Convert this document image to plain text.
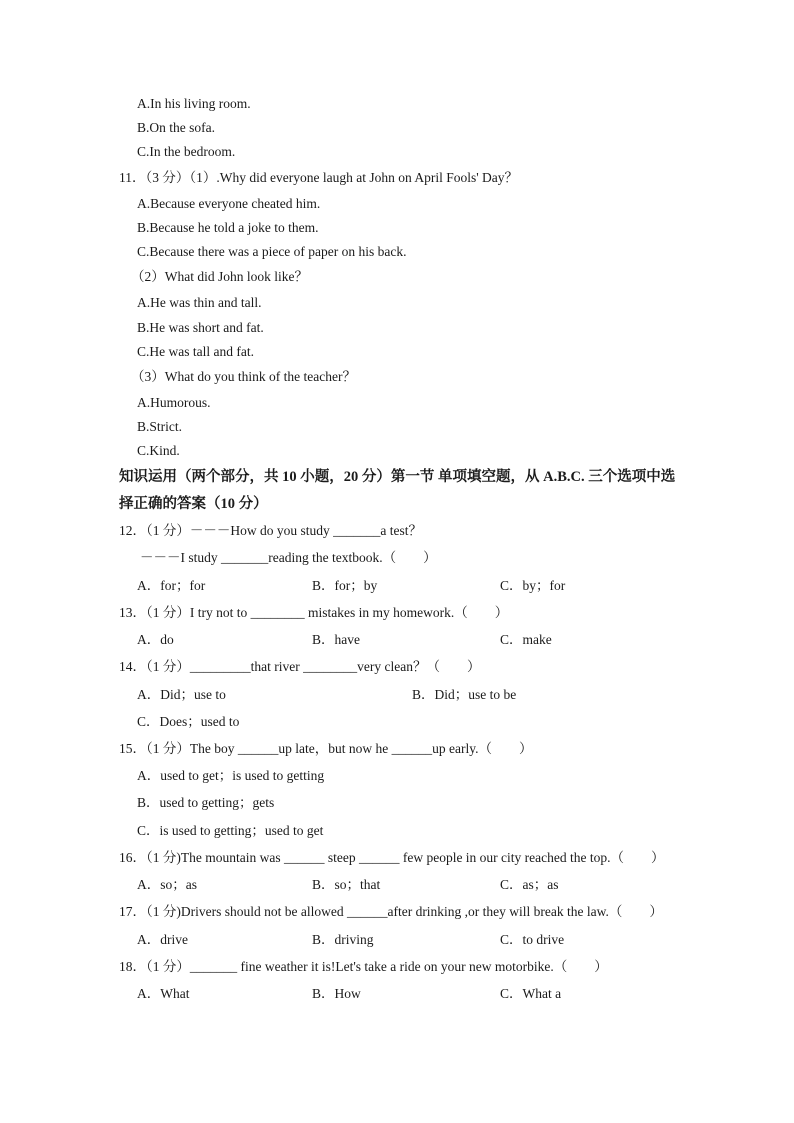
A.In his living room.
B.On the sofa.
C.In the bedroom.
11．（3 分）（1）.Why did everyone laugh at John on April Fools' Day？
A.Because everyone cheated him.
B.Because he told a joke to them.
C.Because there was a piece of paper on his back.
（2）What did John look like？
A.He was thin and tall.
B.He was short and fat.
C.He was tall and fat.
（3）What do you think of the teacher？
A.Humorous.
B.Strict.
C.Kind.
知识运用（两个部分，共 10 小题，20 分）第一节 单项填空题，从 A.B.C. 三个选项中选
择正确的答案（10 分）
12．（1 分）－－－How do you study _______a test？
－－－I study _______reading the textbook.（　　）
A．for；for	B．for；by	C．by；for
13．（1 分）I try not to ________ mistakes in my homework.（　　）
A．do	B．have	C．make
14．（1 分）_________that river ________very clean？（　　）
A．Did；use to	B．Did；use to be
C．Does；used to
15．（1 分）The boy ______up late，but now he ______up early.（　　）
A．used to get；is used to getting
B．used to getting；gets
C．is used to getting；used to get
16．（1 分)The mountain was ______ steep ______ few people in our city reached the top.（　　）
A．so；as	B．so；that	C．as；as
17．（1 分)Drivers should not be allowed ______after drinking ,or they will break the law.（　　）
A．drive	B．driving	C．to drive
18．（1 分）_______ fine weather it is!Let's take a ride on your new motorbike.（　　）
A．What	B．How	C．What a
